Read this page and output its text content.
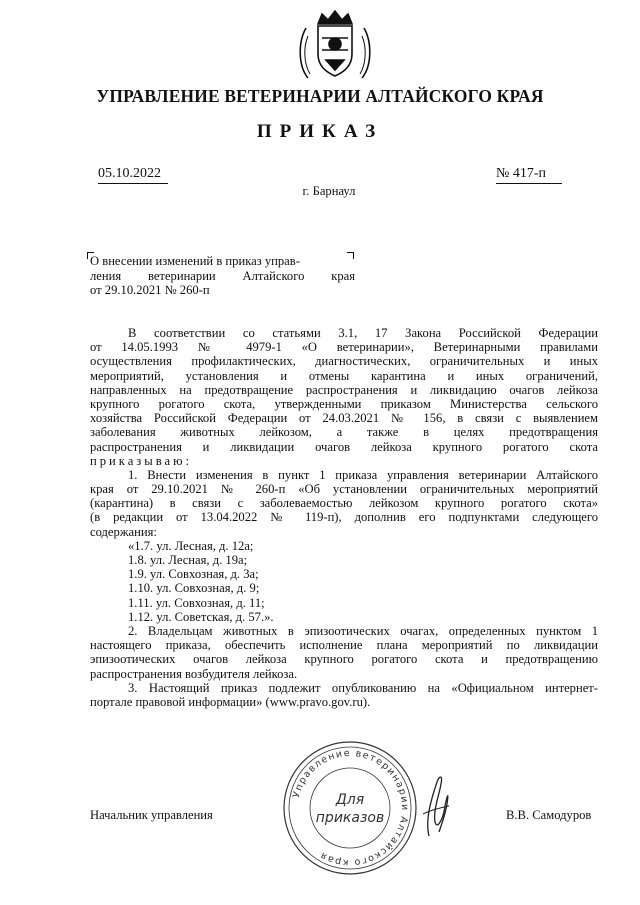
УПРАВЛЕНИЕ ВЕТЕРИНАРИИ АЛТАЙСКОГО КРАЯ
ПРИКАЗ
05.10.2022	№ 417-п
г. Барнаул
О внесении изменений в приказ управ-
ления ветеринарии Алтайского края
от 29.10.2021 № 260-п
В соответствии со статьями 3.1, 17 Закона Российской Федерации
от 14.05.1993 № 4979-1 «О ветеринарии», Ветеринарными правилами
осуществления профилактических, диагностических, ограничительных и иных
мероприятий, установления и отмены карантина и иных ограничений,
направленных на предотвращение распространения и ликвидацию очагов лейкоза
крупного рогатого скота, утвержденными приказом Министерства сельского
хозяйства Российской Федерации от 24.03.2021 № 156, в связи с выявлением
заболевания животных лейкозом, а также в целях предотвращения
распространения и ликвидации очагов лейкоза крупного рогатого скота
приказываю:
1. Внести изменения в пункт 1 приказа управления ветеринарии Алтайского
края от 29.10.2021 № 260-п «Об установлении ограничительных мероприятий
(карантина) в связи с заболеваемостью лейкозом крупного рогатого скота»
(в редакции от 13.04.2022 № 119-п), дополнив его подпунктами следующего
содержания:
«1.7. ул. Лесная, д. 12а;
1.8. ул. Лесная, д. 19а;
1.9. ул. Совхозная, д. 3а;
1.10. ул. Совхозная, д. 9;
1.11. ул. Совхозная, д. 11;
1.12. ул. Советская, д. 57.».
2. Владельцам животных в эпизоотических очагах, определенных пунктом 1
настоящего приказа, обеспечить исполнение плана мероприятий по ликвидации
эпизоотических очагов лейкоза крупного рогатого скота и предотвращению
распространения возбудителя лейкоза.
3. Настоящий приказ подлежит опубликованию на «Официальном интернет-
портале правовой информации» (www.pravo.gov.ru).
Управление ветеринарии Алтайского края
Для
приказов
Начальник управления	В.В. Самодуров
